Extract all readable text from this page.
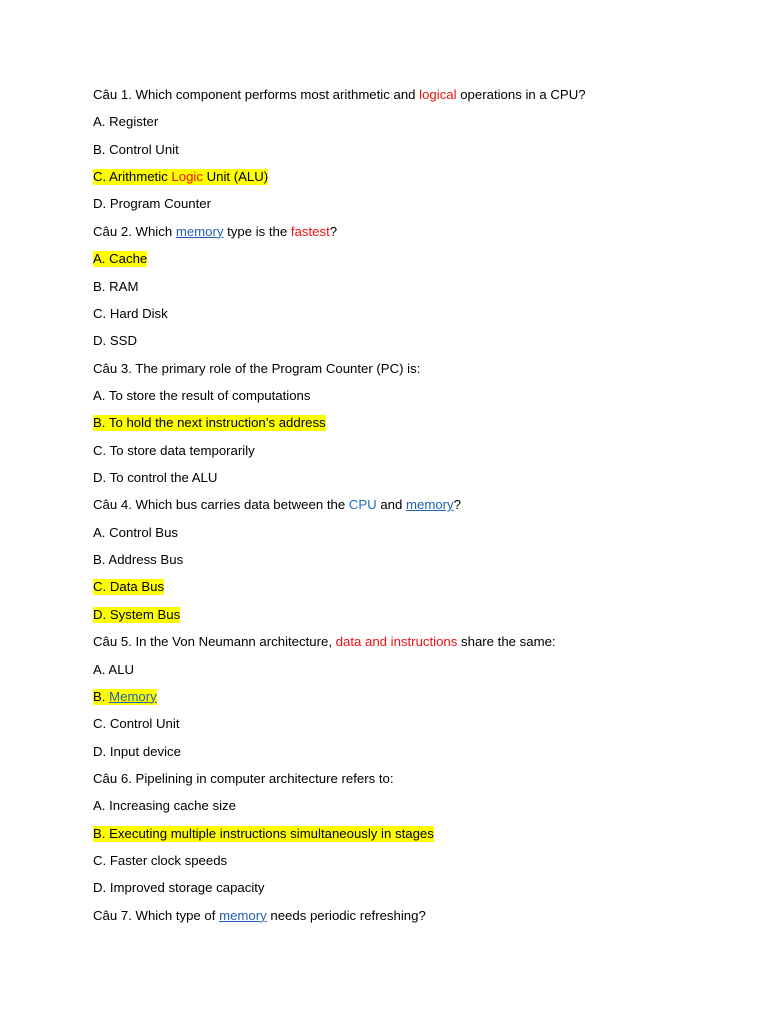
Câu 1. Which component performs most arithmetic and logical operations in a CPU?
A. Register
B. Control Unit
C. Arithmetic Logic Unit (ALU)
D. Program Counter
Câu 2. Which memory type is the fastest?
A. Cache
B. RAM
C. Hard Disk
D. SSD
Câu 3. The primary role of the Program Counter (PC) is:
A. To store the result of computations
B. To hold the next instruction’s address
C. To store data temporarily
D. To control the ALU
Câu 4. Which bus carries data between the CPU and memory?
A. Control Bus
B. Address Bus
C. Data Bus
D. System Bus
Câu 5. In the Von Neumann architecture, data and instructions share the same:
A. ALU
B. Memory
C. Control Unit
D. Input device
Câu 6. Pipelining in computer architecture refers to:
A. Increasing cache size
B. Executing multiple instructions simultaneously in stages
C. Faster clock speeds
D. Improved storage capacity
Câu 7. Which type of memory needs periodic refreshing?
